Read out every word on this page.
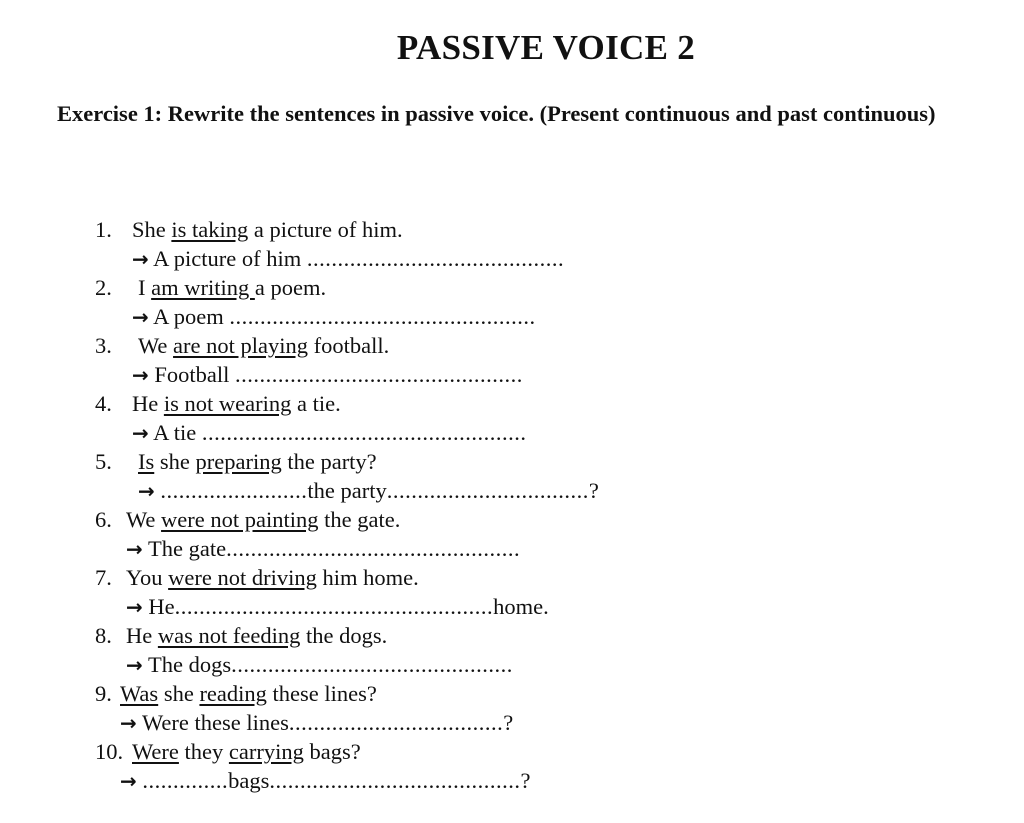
PASSIVE VOICE 2
Exercise 1: Rewrite the sentences in passive voice. (Present continuous and past continuous)
1. She is taking a picture of him.
→ A picture of him ..........................................
2. I am writing a poem.
→ A poem ..................................................
3. We are not playing football.
→ Football ...............................................
4. He is not wearing a tie.
→ A tie .....................................................
5. Is she preparing the party?
→ ........................the party.................................?
6. We were not painting the gate.
→ The gate................................................
7. You were not driving him home.
→ He....................................................home.
8. He was not feeding the dogs.
→ The dogs..............................................
9. Was she reading these lines?
→ Were these lines...................................?
10. Were they carrying bags?
→ ..............bags.........................................?
